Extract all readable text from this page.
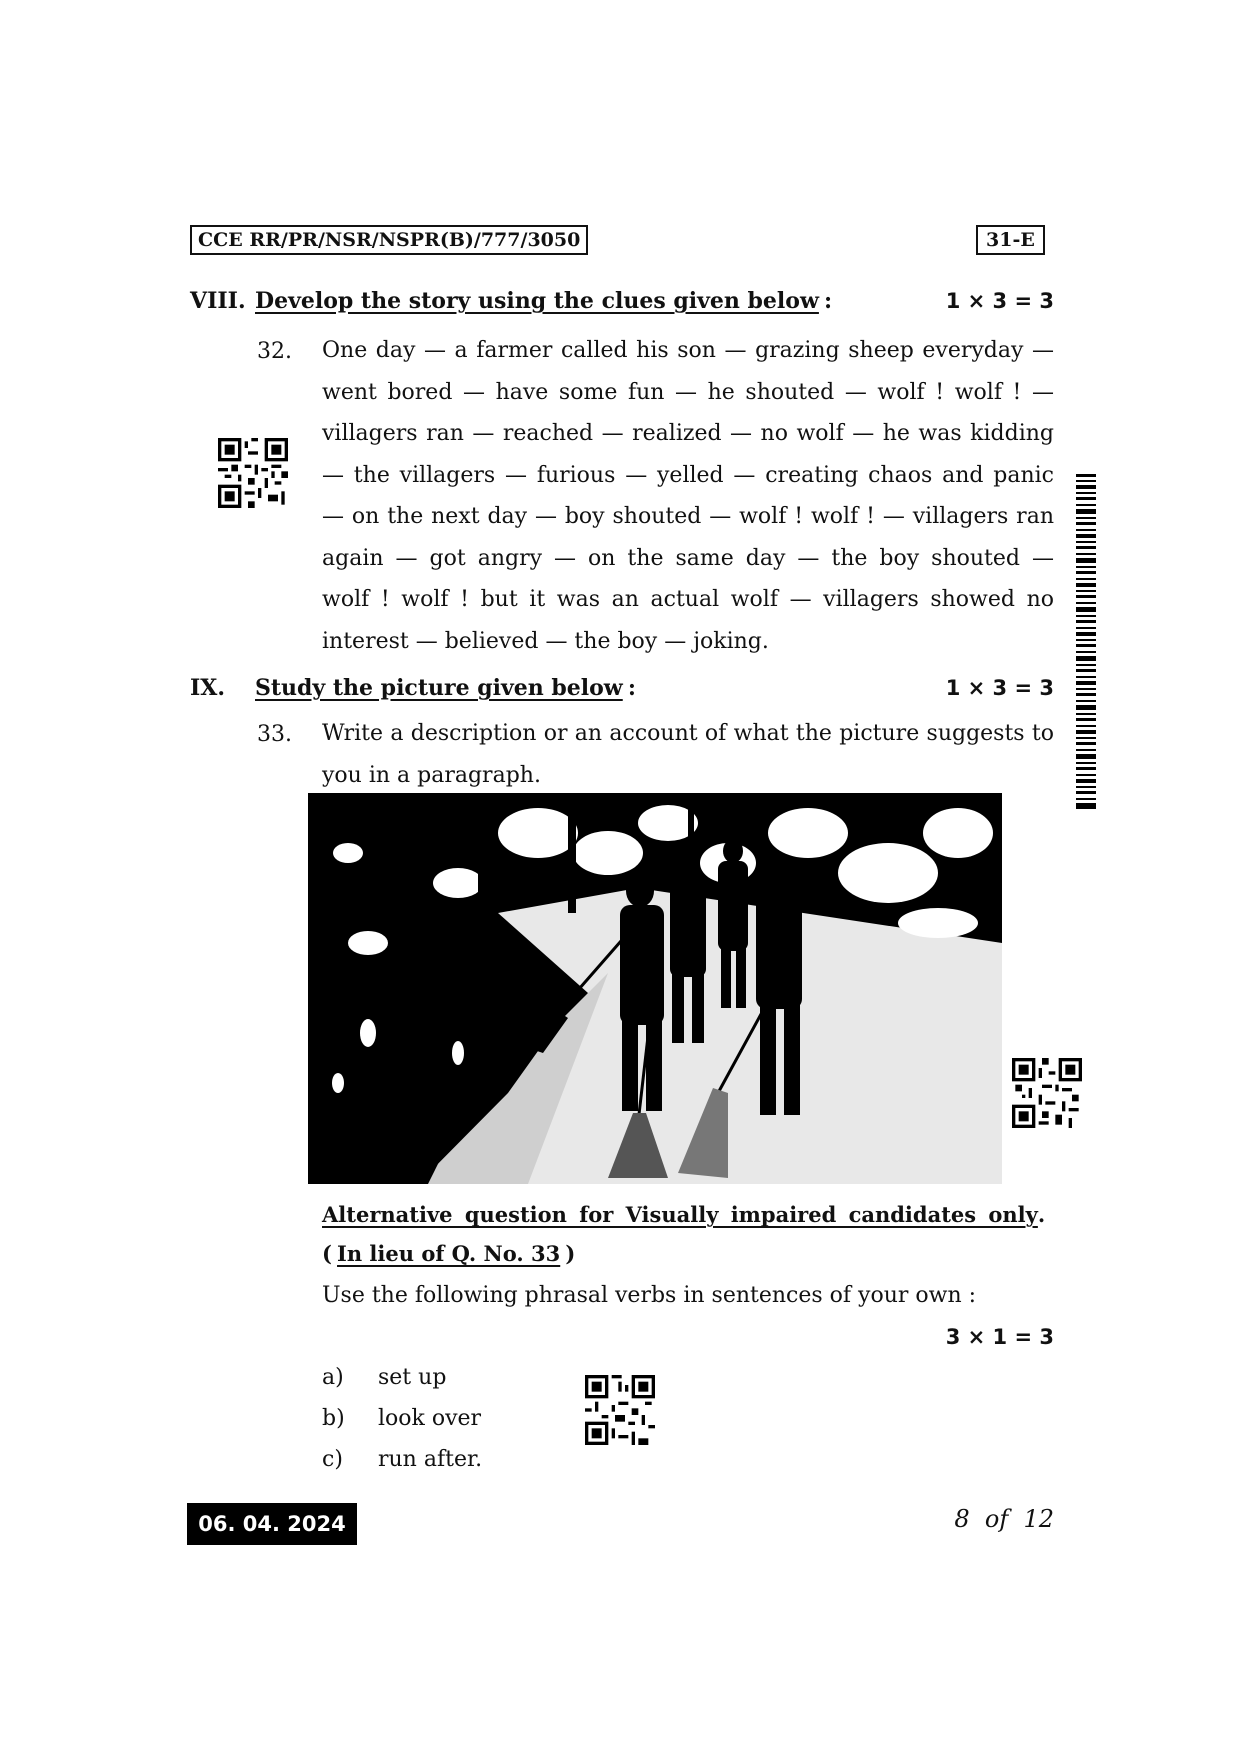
CCE RR/PR/NSR/NSPR(B)/777/3050	31-E
VIII. Develop the story using the clues given below :	1 × 3 = 3
32. One day — a farmer called his son — grazing sheep everyday —
went bored — have some fun — he shouted — wolf ! wolf ! —
villagers ran — reached — realized — no wolf — he was kidding
— the villagers — furious — yelled — creating chaos and panic
— on the next day — boy shouted — wolf ! wolf ! — villagers ran
again — got angry — on the same day — the boy shouted —
wolf ! wolf ! but it was an actual wolf — villagers showed no
interest — believed — the boy — joking.
IX. Study the picture given below :	1 × 3 = 3
33. Write a description or an account of what the picture suggests to
you in a paragraph.
Alternative question for Visually impaired candidates only.
( In lieu of Q. No. 33 )
Use the following phrasal verbs in sentences of your own :
3 × 1 = 3
a) set up
b) look over
c) run after.
06. 04. 2024	8  of  12
